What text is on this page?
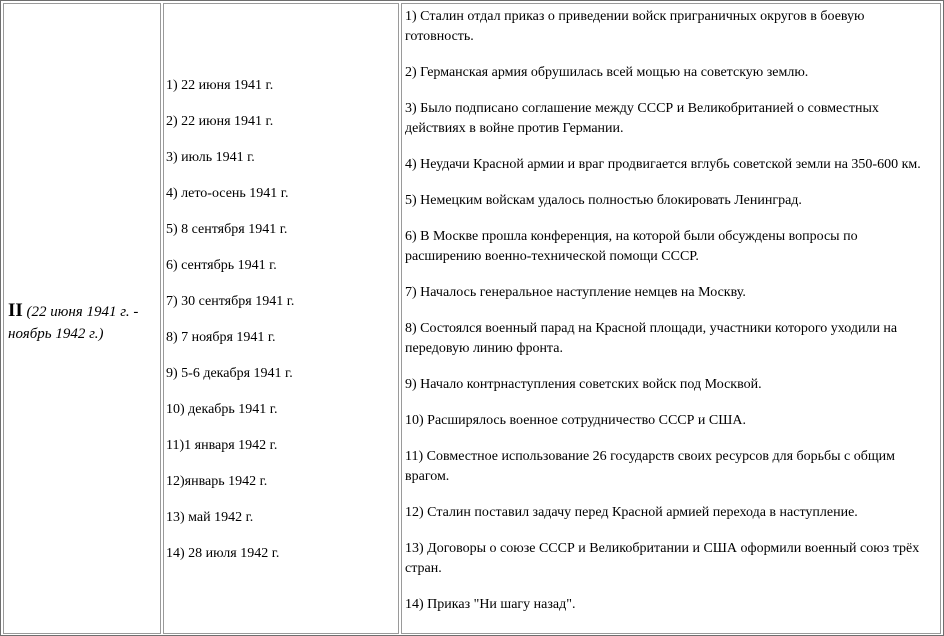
II (22 июня 1941 г. - ноябрь 1942 г.)
1) 22 июня 1941 г.
2) 22 июня 1941 г.
3) июль 1941 г.
4) лето-осень 1941 г.
5) 8 сентября 1941 г.
6) сентябрь 1941 г.
7) 30 сентября 1941 г.
8) 7 ноября 1941 г.
9) 5-6 декабря 1941 г.
10) декабрь 1941 г.
11)1 января 1942 г.
12)январь 1942 г.
13) май 1942 г.
14) 28 июля 1942 г.
1) Сталин отдал приказ о приведении войск приграничных округов в боевую готовность.
2) Германская армия обрушилась всей мощью на советскую землю.
3) Было подписано соглашение между СССР и Великобританией о совместных действиях в войне против Германии.
4) Неудачи Красной армии и враг продвигается вглубь советской земли на 350-600 км.
5) Немецким войскам удалось полностью блокировать Ленинград.
6) В Москве прошла конференция, на которой были обсуждены вопросы по расширению военно-технической помощи СССР.
7) Началось генеральное наступление немцев на Москву.
8) Состоялся военный парад на Красной площади, участники которого уходили на передовую линию фронта.
9) Начало контрнаступления советских войск под Москвой.
10) Расширялось военное сотрудничество СССР и США.
11) Совместное использование 26 государств своих ресурсов для борьбы с общим врагом.
12) Сталин поставил задачу перед Красной армией перехода в наступление.
13) Договоры о союзе СССР и Великобритании и США оформили военный союз трёх стран.
14) Приказ "Ни шагу назад".
